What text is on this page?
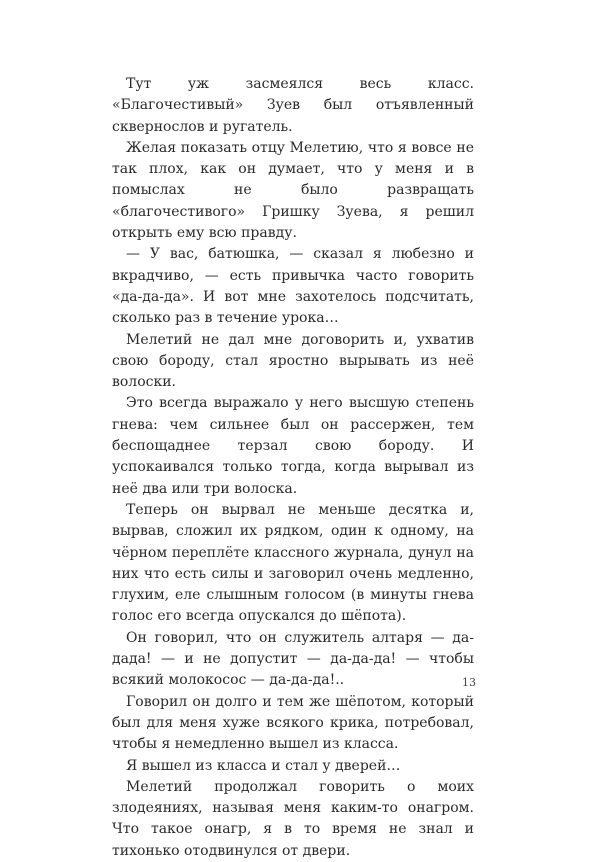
Тут уж засмеялся весь класс. «Благочестивый» Зуев был отъявленный сквернослов и ругатель.

Желая показать отцу Мелетию, что я вовсе не так плох, как он думает, что у меня и в помыслах не было развращать «благочестивого» Гришку Зуева, я решил открыть ему всю правду.

— У вас, батюшка, — сказал я любезно и вкрадчиво, — есть привычка часто говорить «да-да-да». И вот мне захотелось подсчитать, сколько раз в течение урока…

Мелетий не дал мне договорить и, ухватив свою бороду, стал яростно вырывать из неё волоски.

Это всегда выражало у него высшую степень гнева: чем сильнее был он рассержен, тем беспощаднее терзал свою бороду. И успокаивался только тогда, когда вырывал из неё два или три волоска.

Теперь он вырвал не меньше десятка и, вырвав, сложил их рядком, один к одному, на чёрном переплёте классного журнала, дунул на них что есть силы и заговорил очень медленно, глухим, еле слышным голосом (в минуты гнева голос его всегда опускался до шёпота).

Он говорил, что он служитель алтаря — да-дада! — и не допустит — да-да-да! — чтобы всякий молокосос — да-да-да!..

Говорил он долго и тем же шёпотом, который был для меня хуже всякого крика, потребовал, чтобы я немедленно вышел из класса.

Я вышел из класса и стал у дверей…

Мелетий продолжал говорить о моих злодеяниях, называя меня каким-то онагром. Что такое онагр, я в то время не знал и тихонько отодвинулся от двери.

13
